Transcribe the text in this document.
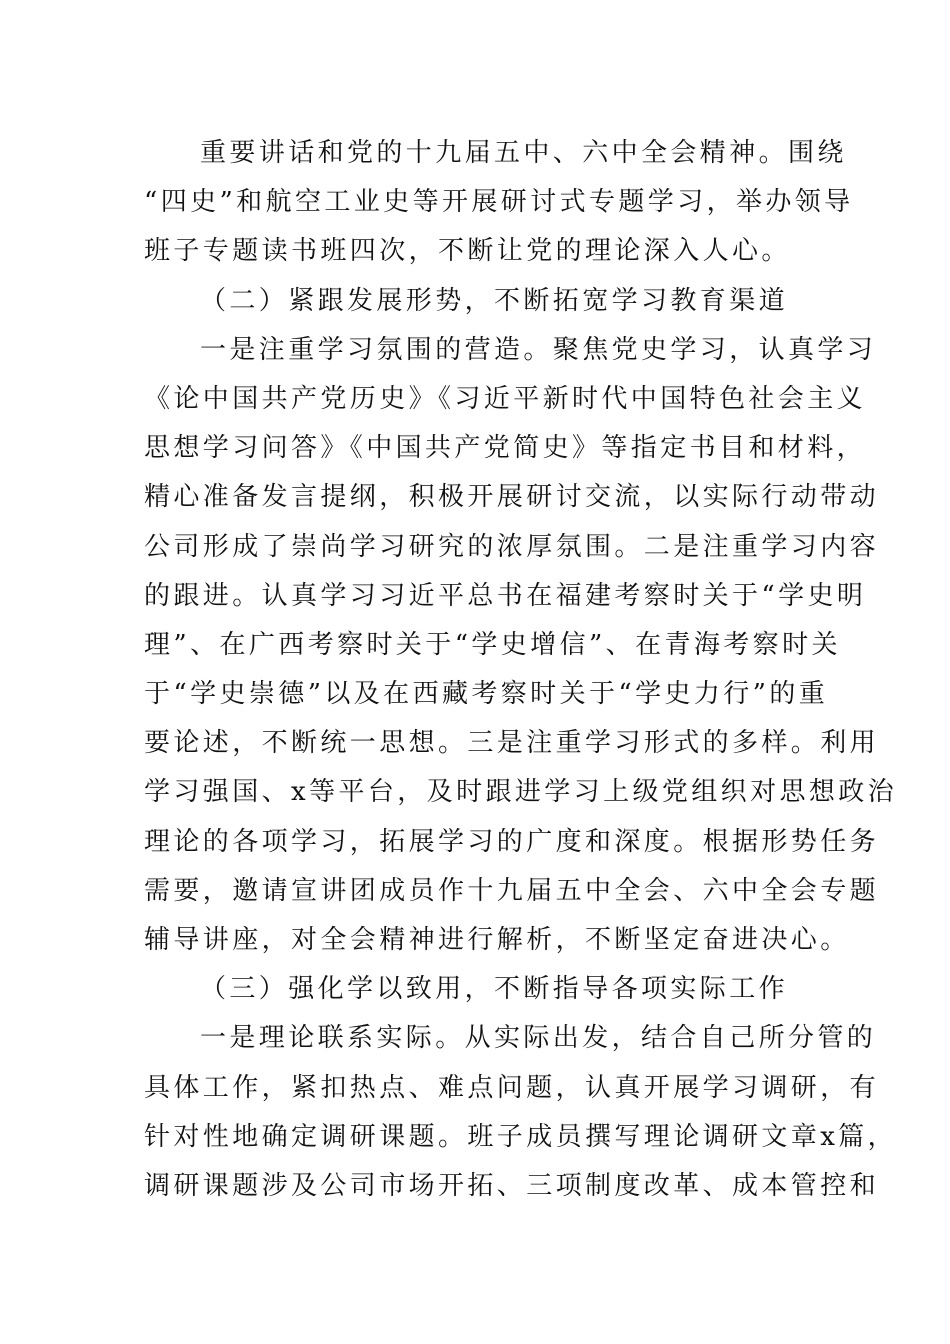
重要讲话和党的十九届五中、六中全会精神。围绕
“四史”和航空工业史等开展研讨式专题学习，举办领导
班子专题读书班四次，不断让党的理论深入人心。
（二）紧跟发展形势，不断拓宽学习教育渠道
一是注重学习氛围的营造。聚焦党史学习，认真学习
《论中国共产党历史》《习近平新时代中国特色社会主义
思想学习问答》《中国共产党简史》等指定书目和材料，
精心准备发言提纲，积极开展研讨交流，以实际行动带动
公司形成了崇尚学习研究的浓厚氛围。二是注重学习内容
的跟进。认真学习习近平总书在福建考察时关于“学史明
理”、在广西考察时关于“学史增信”、在青海考察时关
于“学史崇德”以及在西藏考察时关于“学史力行”的重
要论述，不断统一思想。三是注重学习形式的多样。利用
学习强国、x等平台，及时跟进学习上级党组织对思想政治
理论的各项学习，拓展学习的广度和深度。根据形势任务
需要，邀请宣讲团成员作十九届五中全会、六中全会专题
辅导讲座，对全会精神进行解析，不断坚定奋进决心。
（三）强化学以致用，不断指导各项实际工作
一是理论联系实际。从实际出发，结合自己所分管的
具体工作，紧扣热点、难点问题，认真开展学习调研，有
针对性地确定调研课题。班子成员撰写理论调研文章x篇，
调研课题涉及公司市场开拓、三项制度改革、成本管控和
